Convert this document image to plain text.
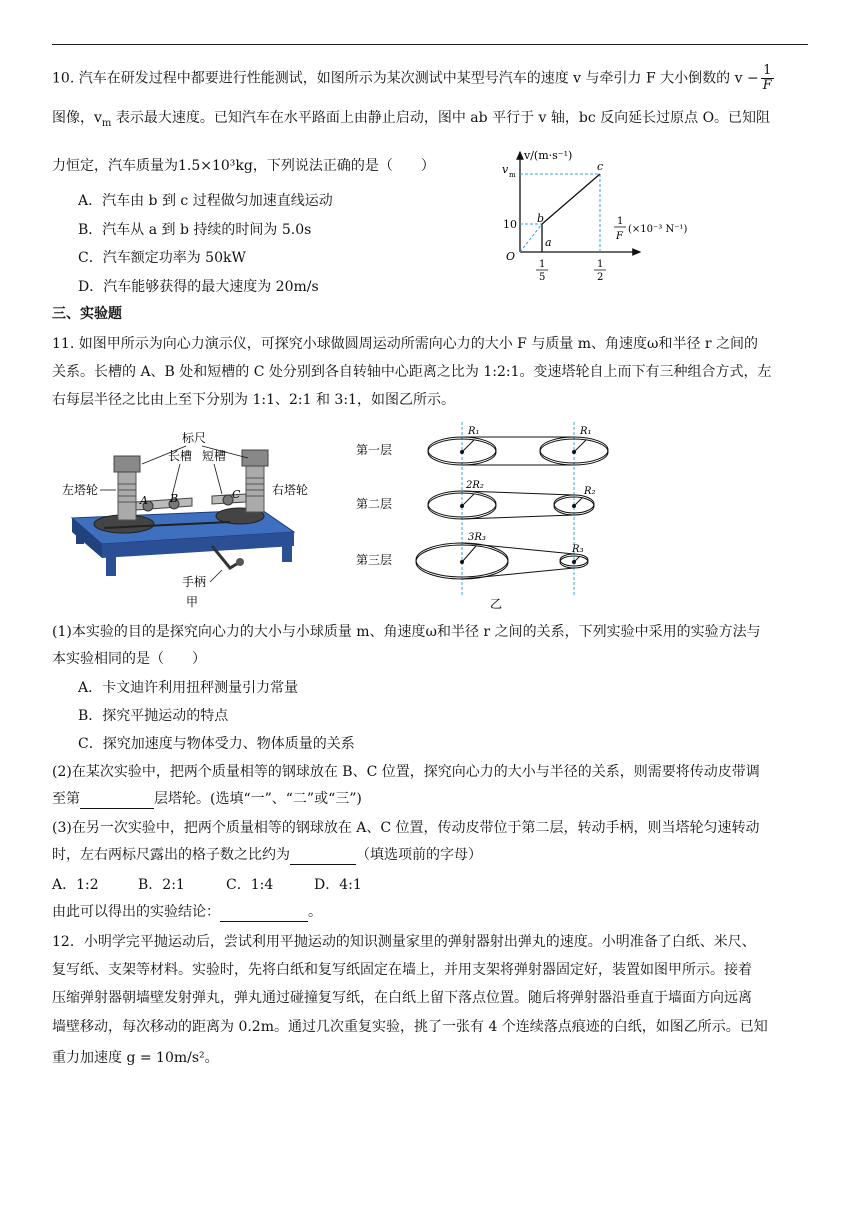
10. 汽车在研发过程中都要进行性能测试，如图所示为某次测试中某型号汽车的速度 v 与牵引力 F 大小倒数的 $v - \frac{1}{F}$
图像，$v_m$ 表示最大速度。已知汽车在水平路面上由静止启动，图中 ab 平行于 v 轴，bc 反向延长过原点 O。已知阻
力恒定，汽车质量为1.5×10³kg，下列说法正确的是（　　）
A．汽车由 b 到 c 过程做匀加速直线运动
B．汽车从 a 到 b 持续的时间为 5.0s
C．汽车额定功率为 50kW
D．汽车能够获得的最大速度为 20m/s
v/(m·s⁻¹)
v m
10
O
b
a
c
1
5
1
2
1
F
(×10⁻³ N⁻¹)
三、实验题
11. 如图甲所示为向心力演示仪，可探究小球做圆周运动所需向心力的大小 F 与质量 m、角速度ω和半径 r 之间的
关系。长槽的 A、B 处和短槽的 C 处分别到各自转轴中心距离之比为 1:2:1。变速塔轮自上而下有三种组合方式，左
右每层半径之比由上至下分别为 1:1、2:1 和 3:1，如图乙所示。
标尺
长槽 短槽
左塔轮	右塔轮
A B	C
手柄
甲
第一层
R₁	R₁
第二层
2R₂
R₂
第三层
3R₃
R₃
乙
(1)本实验的目的是探究向心力的大小与小球质量 m、角速度ω和半径 r 之间的关系，下列实验中采用的实验方法与
本实验相同的是（　　）
A．卡文迪许利用扭秤测量引力常量
B．探究平抛运动的特点
C．探究加速度与物体受力、物体质量的关系
(2)在某次实验中，把两个质量相等的钢球放在 B、C 位置，探究向心力的大小与半径的关系，则需要将传动皮带调
至第	层塔轮。(选填“一”、“二”或“三”)
(3)在另一次实验中，把两个质量相等的钢球放在 A、C 位置，传动皮带位于第二层，转动手柄，则当塔轮匀速转动
时，左右两标尺露出的格子数之比约为	（填选项前的字母）
A．1:2	B．2:1	C．1:4	D．4:1
由此可以得出的实验结论：	。
12．小明学完平抛运动后，尝试利用平抛运动的知识测量家里的弹射器射出弹丸的速度。小明准备了白纸、米尺、
复写纸、支架等材料。实验时，先将白纸和复写纸固定在墙上，并用支架将弹射器固定好，装置如图甲所示。接着
压缩弹射器朝墙壁发射弹丸，弹丸通过碰撞复写纸，在白纸上留下落点位置。随后将弹射器沿垂直于墙面方向远离
墙壁移动，每次移动的距离为 0.2m。通过几次重复实验，挑了一张有 4 个连续落点痕迹的白纸，如图乙所示。已知
重力加速度 g = 10m/s²。
